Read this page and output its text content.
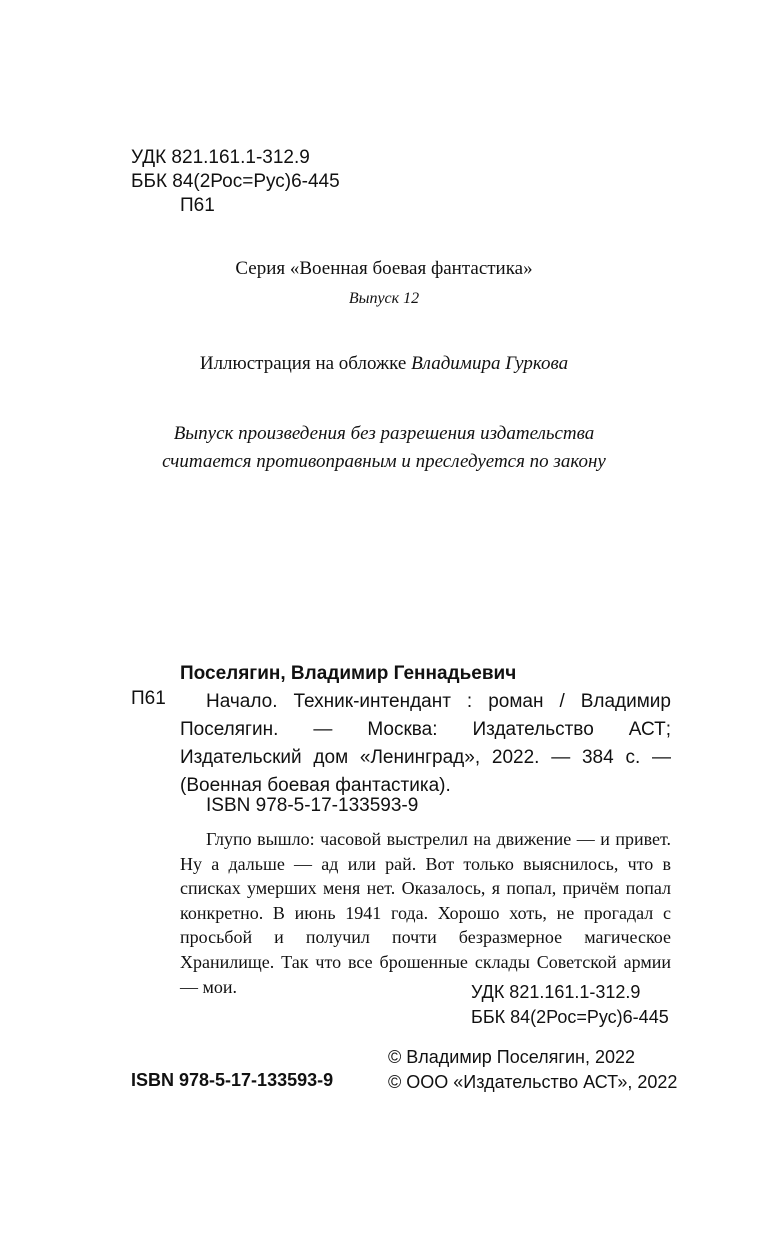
УДК 821.161.1-312.9
ББК 84(2Рос=Рус)6-445
П61
Серия «Военная боевая фантастика»
Выпуск 12
Иллюстрация на обложке Владимира Гуркова
Выпуск произведения без разрешения издательства
считается противоправным и преследуется по закону
Поселягин, Владимир Геннадьевич
П61	Начало. Техник-интендант : роман / Владимир Поселягин. — Москва: Издательство АСТ; Издательский дом «Ленинград», 2022. — 384 с. — (Военная боевая фантастика).
ISBN 978-5-17-133593-9
Глупо вышло: часовой выстрелил на движение — и привет. Ну а дальше — ад или рай. Вот только выяснилось, что в списках умерших меня нет. Оказалось, я попал, причём попал конкретно. В июнь 1941 года. Хорошо хоть, не прогадал с просьбой и получил почти безразмерное магическое Хранилище. Так что все брошенные склады Советской армии — мои.	УДК 821.161.1-312.9
ББК 84(2Рос=Рус)6-445
© Владимир Поселягин, 2022
© ООО «Издательство АСТ», 2022
ISBN 978-5-17-133593-9
